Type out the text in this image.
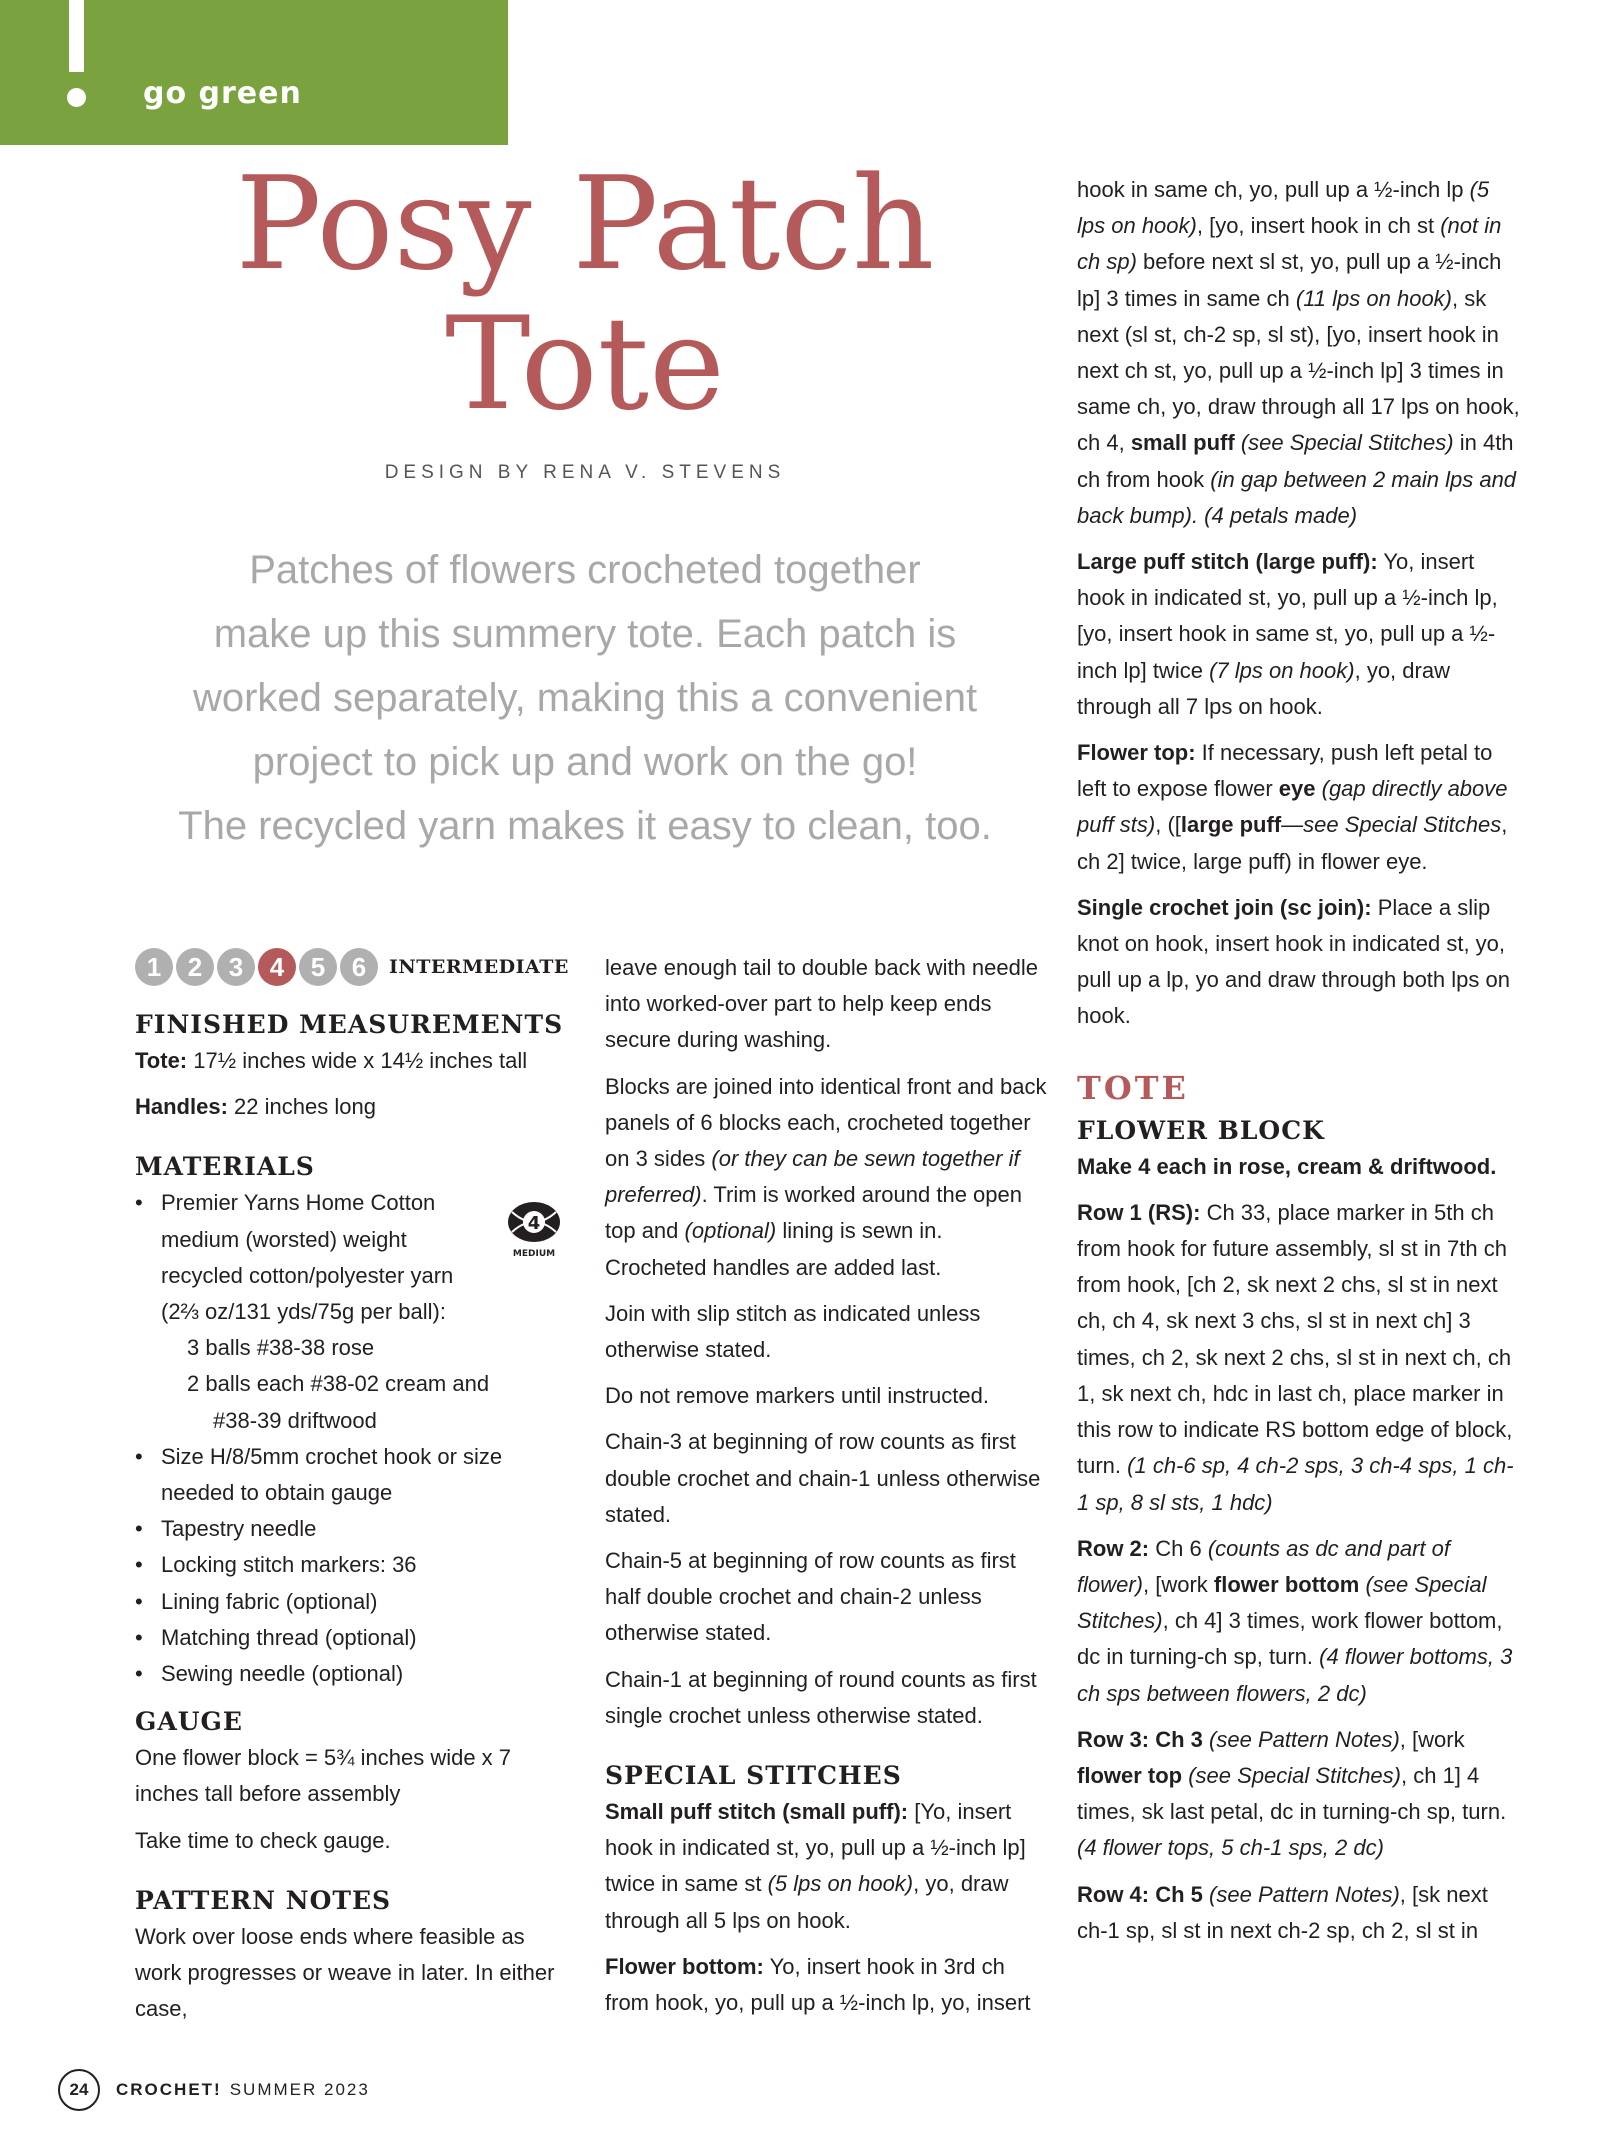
go green
Posy Patch
Tote
DESIGN BY RENA V. STEVENS
Patches of flowers crocheted together
make up this summery tote. Each patch is
worked separately, making this a convenient
project to pick up and work on the go!
The recycled yarn makes it easy to clean, too.
1	2	3	4	5	6	INTERMEDIATE
FINISHED MEASUREMENTS

Tote: 17½ inches wide x 14½ inches tall

Handles: 22 inches long

MATERIALS
• Premier Yarns Home Cotton
medium (worsted) weight
recycled cotton/polyester yarn
(2⅔ oz/131 yds/75g per ball):
3 balls #38-38 rose
2 balls each #38-02 cream and
#38-39 driftwood
• Size H/8/5mm crochet hook or size needed to obtain gauge
• Tapestry needle
• Locking stitch markers: 36
• Lining fabric (optional)
• Matching thread (optional)
• Sewing needle (optional)
GAUGE

One flower block = 5¾ inches wide x 7 inches tall before assembly

Take time to check gauge.

PATTERN NOTES

Work over loose ends where feasible as work progresses or weave in later. In either case,

4
MEDIUM

leave enough tail to double back with needle into worked-over part to help keep ends secure during washing.

Blocks are joined into identical front and back panels of 6 blocks each, crocheted together on 3 sides (or they can be sewn together if preferred). Trim is worked around the open top and (optional) lining is sewn in. Crocheted handles are added last.

Join with slip stitch as indicated unless otherwise stated.

Do not remove markers until instructed.

Chain-3 at beginning of row counts as first double crochet and chain-1 unless otherwise stated.

Chain-5 at beginning of row counts as first half double crochet and chain-2 unless otherwise stated.

Chain-1 at beginning of round counts as first single crochet unless otherwise stated.

SPECIAL STITCHES

Small puff stitch (small puff): [Yo, insert hook in indicated st, yo, pull up a ½-inch lp] twice in same st (5 lps on hook), yo, draw through all 5 lps on hook.

Flower bottom: Yo, insert hook in 3rd ch from hook, yo, pull up a ½-inch lp, yo, insert

hook in same ch, yo, pull up a ½-inch lp (5 lps on hook), [yo, insert hook in ch st (not in ch sp) before next sl st, yo, pull up a ½-inch lp] 3 times in same ch (11 lps on hook), sk next (sl st, ch-2 sp, sl st), [yo, insert hook in next ch st, yo, pull up a ½-inch lp] 3 times in same ch, yo, draw through all 17 lps on hook, ch 4, small puff (see Special Stitches) in 4th ch from hook (in gap between 2 main lps and back bump). (4 petals made)

Large puff stitch (large puff): Yo, insert hook in indicated st, yo, pull up a ½-inch lp, [yo, insert hook in same st, yo, pull up a ½-inch lp] twice (7 lps on hook), yo, draw through all 7 lps on hook.

Flower top: If necessary, push left petal to left to expose flower eye (gap directly above puff sts), ([large puff—see Special Stitches, ch 2] twice, large puff) in flower eye.

Single crochet join (sc join): Place a slip knot on hook, insert hook in indicated st, yo, pull up a lp, yo and draw through both lps on hook.

TOTE
FLOWER BLOCK

Make 4 each in rose, cream & driftwood.

Row 1 (RS): Ch 33, place marker in 5th ch from hook for future assembly, sl st in 7th ch from hook, [ch 2, sk next 2 chs, sl st in next ch, ch 4, sk next 3 chs, sl st in next ch] 3 times, ch 2, sk next 2 chs, sl st in next ch, ch 1, sk next ch, hdc in last ch, place marker in this row to indicate RS bottom edge of block, turn. (1 ch-6 sp, 4 ch-2 sps, 3 ch-4 sps, 1 ch-1 sp, 8 sl sts, 1 hdc)

Row 2: Ch 6 (counts as dc and part of flower), [work flower bottom (see Special Stitches), ch 4] 3 times, work flower bottom, dc in turning-ch sp, turn. (4 flower bottoms, 3 ch sps between flowers, 2 dc)

Row 3: Ch 3 (see Pattern Notes), [work flower top (see Special Stitches), ch 1] 4 times, sk last petal, dc in turning-ch sp, turn. (4 flower tops, 5 ch-1 sps, 2 dc)

Row 4: Ch 5 (see Pattern Notes), [sk next ch-1 sp, sl st in next ch-2 sp, ch 2, sl st in

24	CROCHET! SUMMER 2023
